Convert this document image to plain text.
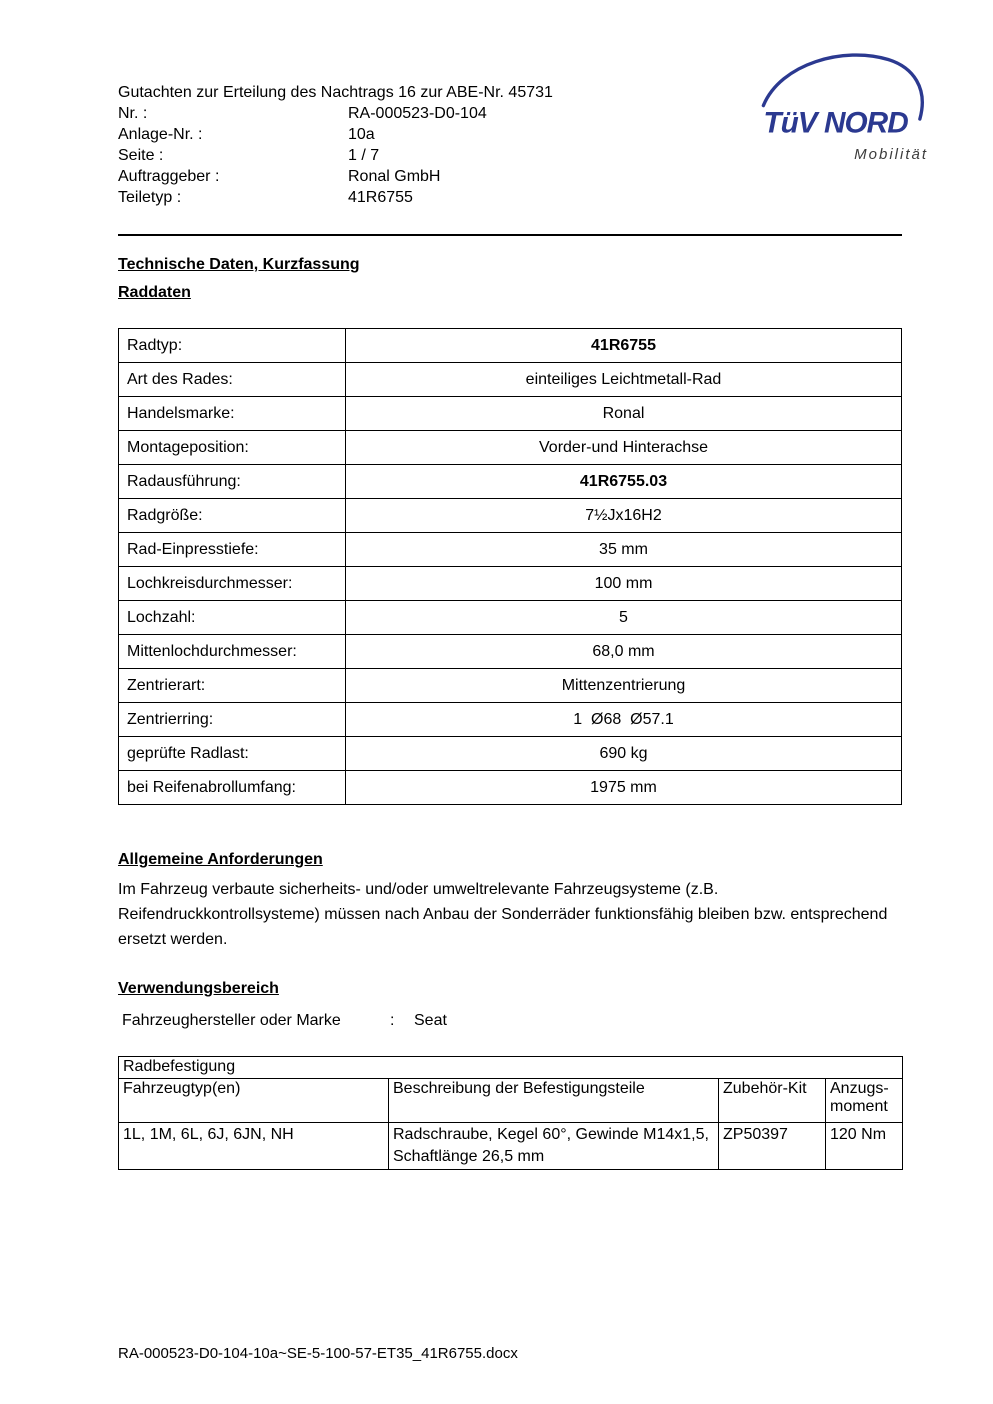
TüV NORD
Mobilität
Gutachten zur Erteilung des Nachtrags 16 zur ABE-Nr. 45731
Nr. :	RA-000523-D0-104
Anlage-Nr. :	10a
Seite :	1 / 7
Auftraggeber :	Ronal GmbH
Teiletyp :	41R6755
Technische Daten, Kurzfassung
Raddaten
Radtyp:	41R6755
Art des Rades:	einteiliges Leichtmetall-Rad
Handelsmarke:	Ronal
Montageposition:	Vorder-und Hinterachse
Radausführung:	41R6755.03
Radgröße:	7½Jx16H2
Rad-Einpresstiefe:	35 mm
Lochkreisdurchmesser:	100 mm
Lochzahl:	5
Mittenlochdurchmesser:	68,0 mm
Zentrierart:	Mittenzentrierung
Zentrierring:	1  Ø68  Ø57.1
geprüfte Radlast:	690 kg
bei Reifenabrollumfang:	1975 mm
Allgemeine Anforderungen
Im Fahrzeug verbaute sicherheits- und/oder umweltrelevante Fahrzeugsysteme (z.B. Reifendruckkontrollsysteme) müssen nach Anbau der Sonderräder funktionsfähig bleiben bzw. entsprechend ersetzt werden.
Verwendungsbereich
Fahrzeughersteller oder Marke	:	Seat
Radbefestigung			
Fahrzeugtyp(en)	Beschreibung der Befestigungsteile	Zubehör-Kit	Anzugs-moment
1L, 1M, 6L, 6J, 6JN, NH	Radschraube, Kegel 60°, Gewinde M14x1,5, Schaftlänge 26,5 mm	ZP50397	120 Nm
RA-000523-D0-104-10a~SE-5-100-57-ET35_41R6755.docx
